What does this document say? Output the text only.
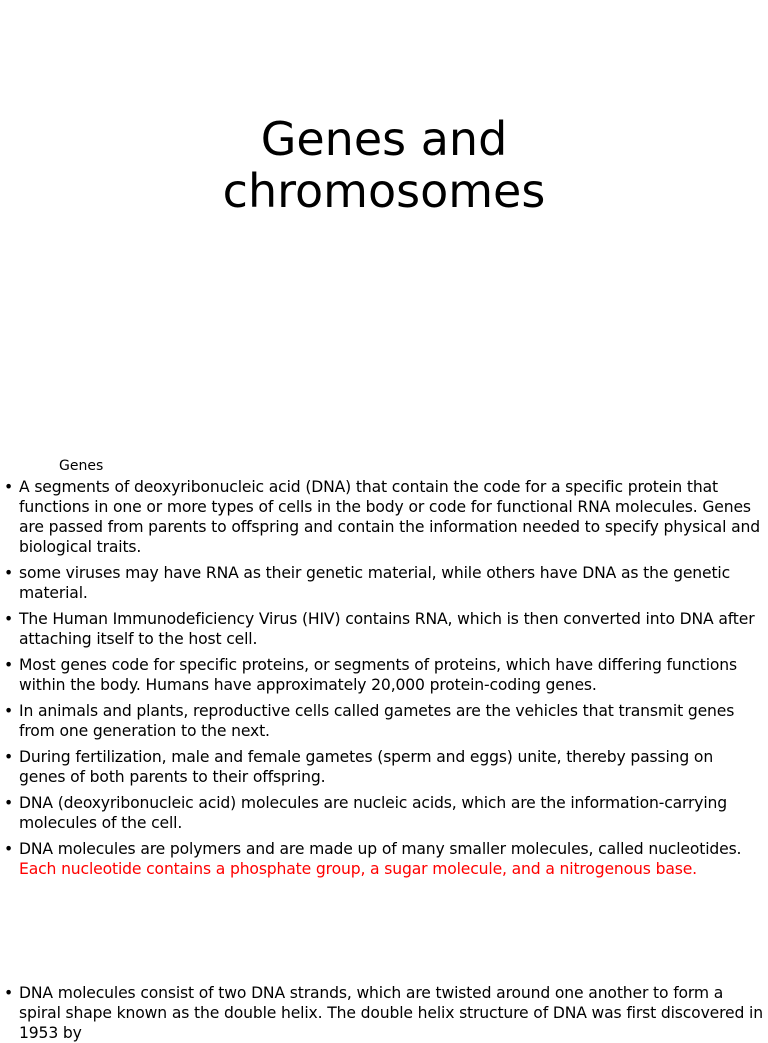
Genes and
chromosomes
Genes
• A segments of deoxyribonucleic acid (DNA) that contain the code for a specific protein that functions in one or more types of cells in the body or code for functional RNA molecules. Genes are passed from parents to offspring and contain the information needed to specify physical and biological traits.
• some viruses may have RNA as their genetic material, while others have DNA as the genetic material.
• The Human Immunodeficiency Virus (HIV) contains RNA, which is then converted into DNA after attaching itself to the host cell.
• Most genes code for specific proteins, or segments of proteins, which have differing functions within the body. Humans have approximately 20,000 protein-coding genes.
• In animals and plants, reproductive cells called gametes are the vehicles that transmit genes from one generation to the next.
• During fertilization, male and female gametes (sperm and eggs) unite, thereby passing on genes of both parents to their offspring.
• DNA (deoxyribonucleic acid) molecules are nucleic acids, which are the information-carrying molecules of the cell.
• DNA molecules are polymers and are made up of many smaller molecules, called nucleotides. Each nucleotide contains a phosphate group, a sugar molecule, and a nitrogenous base.
• DNA molecules consist of two DNA strands, which are twisted around one another to form a spiral shape known as the double helix. The double helix structure of DNA was first discovered in 1953 by
